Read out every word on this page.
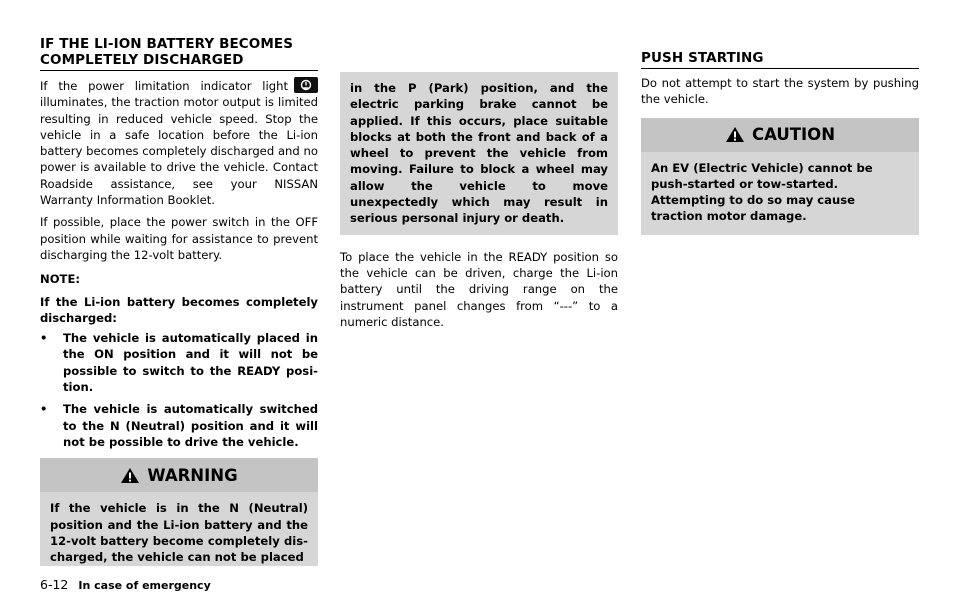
IF THE LI-ION BATTERY BECOMES
COMPLETELY DISCHARGED

If the power limitation indicator light
illuminates, the traction motor output is limited resulting in reduced vehicle speed. Stop the vehicle in a safe location before the Li-ion battery becomes completely discharged and no power is available to drive the vehicle. Contact Roadside assistance, see your NISSAN Warranty Information Booklet.

If possible, place the power switch in the OFF position while waiting for assistance to prevent discharging the 12-volt battery.

NOTE:

If the Li-ion battery becomes completely discharged:

• The vehicle is automatically placed in the ON position and it will not be possible to switch to the READY posi-tion.
• The vehicle is automatically switched to the N (Neutral) position and it will not be possible to drive the vehicle.
WARNING

If the vehicle is in the N (Neutral) position and the Li-ion battery and the 12-volt battery become completely dis-charged, the vehicle can not be placed

in the P (Park) position, and the electric parking brake cannot be applied. If this occurs, place suitable blocks at both the front and back of a wheel to prevent the vehicle from moving. Failure to block a wheel may allow the vehicle to move unexpectedly which may result in serious personal injury or death.

To place the vehicle in the READY position so the vehicle can be driven, charge the Li-ion battery until the driving range on the instrument panel changes from “---” to a numeric distance.

PUSH STARTING

Do not attempt to start the system by pushing the vehicle.

CAUTION

An EV (Electric Vehicle) cannot be push-started or tow-started. Attempting to do so may cause traction motor damage.

6-12 In case of emergency
